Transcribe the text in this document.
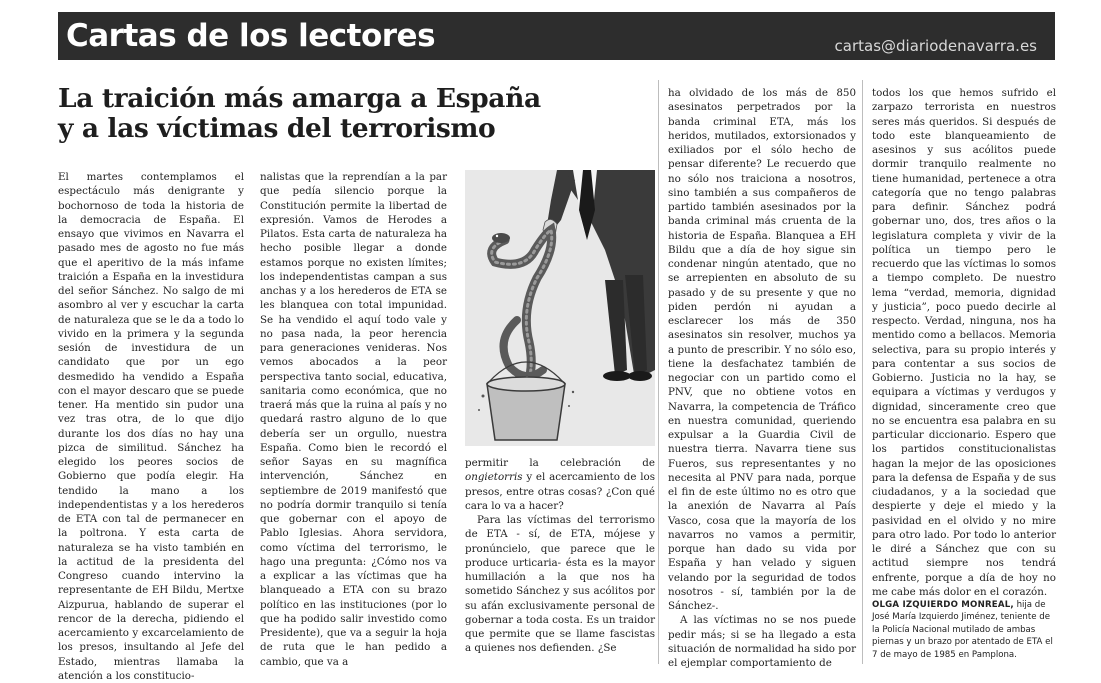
Cartas de los lectores	cartas@diariodenavarra.es
La traición más amarga a España
y a las víctimas del terrorismo

El martes contemplamos el espectáculo más denigrante y bochornoso de toda la historia de la democracia de España. El ensayo que vivimos en Navarra el pasado mes de agosto no fue más que el aperitivo de la más infame traición a España en la investidura del señor Sánchez. No salgo de mi asombro al ver y escuchar la carta de naturaleza que se le da a todo lo vivido en la primera y la segunda sesión de investidura de un candidato que por un ego desmedido ha vendido a España con el mayor descaro que se puede tener. Ha mentido sin pudor una vez tras otra, de lo que dijo durante los dos días no hay una pizca de similitud. Sánchez ha elegido los peores socios de Gobierno que podía elegir. Ha tendido la mano a los independentistas y a los herederos de ETA con tal de permanecer en la poltrona. Y esta carta de naturaleza se ha visto también en la actitud de la presidenta del Congreso cuando intervino la representante de EH Bildu, Mertxe Aizpurua, hablando de superar el rencor de la derecha, pidiendo el acercamiento y excarcelamiento de los presos, insultando al Jefe del Estado, mientras llamaba la atención a los constitucio-

nalistas que la reprendían a la par que pedía silencio porque la Constitución permite la libertad de expresión. Vamos de Herodes a Pilatos. Esta carta de naturaleza ha hecho posible llegar a donde estamos porque no existen límites; los independentistas campan a sus anchas y a los herederos de ETA se les blanquea con total impunidad. Se ha vendido el aquí todo vale y no pasa nada, la peor herencia para generaciones venideras. Nos vemos abocados a la peor perspectiva tanto social, educativa, sanitaria como económica, que no traerá más que la ruina al país y no quedará rastro alguno de lo que debería ser un orgullo, nuestra España. Como bien le recordó el señor Sayas en su magnífica intervención, Sánchez en septiembre de 2019 manifestó que no podría dormir tranquilo si tenía que gobernar con el apoyo de Pablo Iglesias. Ahora servidora, como víctima del terrorismo, le hago una pregunta: ¿Cómo nos va a explicar a las víctimas que ha blanqueado a ETA con su brazo político en las instituciones (por lo que ha podido salir investido como Presidente), que va a seguir la hoja de ruta que le han pedido a cambio, que va a

permitir la celebración de ongietorris y el acercamiento de los presos, entre otras cosas? ¿Con qué cara lo va a hacer?

Para las víctimas del terrorismo de ETA - sí, de ETA, mójese y pronúncielo, que parece que le produce urticaria- ésta es la mayor humillación a la que nos ha sometido Sánchez y sus acólitos por su afán exclusivamente personal de gobernar a toda costa. Es un traidor que permite que se llame fascistas a quienes nos defienden. ¿Se

ha olvidado de los más de 850 asesinatos perpetrados por la banda criminal ETA, más los heridos, mutilados, extorsionados y exiliados por el sólo hecho de pensar diferente? Le recuerdo que no sólo nos traiciona a nosotros, sino también a sus compañeros de partido también asesinados por la banda criminal más cruenta de la historia de España. Blanquea a EH Bildu que a día de hoy sigue sin condenar ningún atentado, que no se arrepienten en absoluto de su pasado y de su presente y que no piden perdón ni ayudan a esclarecer los más de 350 asesinatos sin resolver, muchos ya a punto de prescribir. Y no sólo eso, tiene la desfachatez también de negociar con un partido como el PNV, que no obtiene votos en Navarra, la competencia de Tráfico en nuestra comunidad, queriendo expulsar a la Guardia Civil de nuestra tierra. Navarra tiene sus Fueros, sus representantes y no necesita al PNV para nada, porque el fin de este último no es otro que la anexión de Navarra al País Vasco, cosa que la mayoría de los navarros no vamos a permitir, porque han dado su vida por España y han velado y siguen velando por la seguridad de todos nosotros - sí, también por la de Sánchez-.

A las víctimas no se nos puede pedir más; si se ha llegado a esta situación de normalidad ha sido por el ejemplar comportamiento de

todos los que hemos sufrido el zarpazo terrorista en nuestros seres más queridos. Si después de todo este blanqueamiento de asesinos y sus acólitos puede dormir tranquilo realmente no tiene humanidad, pertenece a otra categoría que no tengo palabras para definir. Sánchez podrá gobernar uno, dos, tres años o la legislatura completa y vivir de la política un tiempo pero le recuerdo que las víctimas lo somos a tiempo completo. De nuestro lema “verdad, memoria, dignidad y justicia”, poco puedo decirle al respecto. Verdad, ninguna, nos ha mentido como a bellacos. Memoria selectiva, para su propio interés y para contentar a sus socios de Gobierno. Justicia no la hay, se equipara a víctimas y verdugos y dignidad, sinceramente creo que no se encuentra esa palabra en su particular diccionario. Espero que los partidos constitucionalistas hagan la mejor de las oposiciones para la defensa de España y de sus ciudadanos, y a la sociedad que despierte y deje el miedo y la pasividad en el olvido y no mire para otro lado. Por todo lo anterior le diré a Sánchez que con su actitud siempre nos tendrá enfrente, porque a día de hoy no me cabe más dolor en el corazón.

OLGA IZQUIERDO MONREAL, hija de José María Izquierdo Jiménez, teniente de la Policía Nacional mutilado de ambas piernas y un brazo por atentado de ETA el 7 de mayo de 1985 en Pamplona.
